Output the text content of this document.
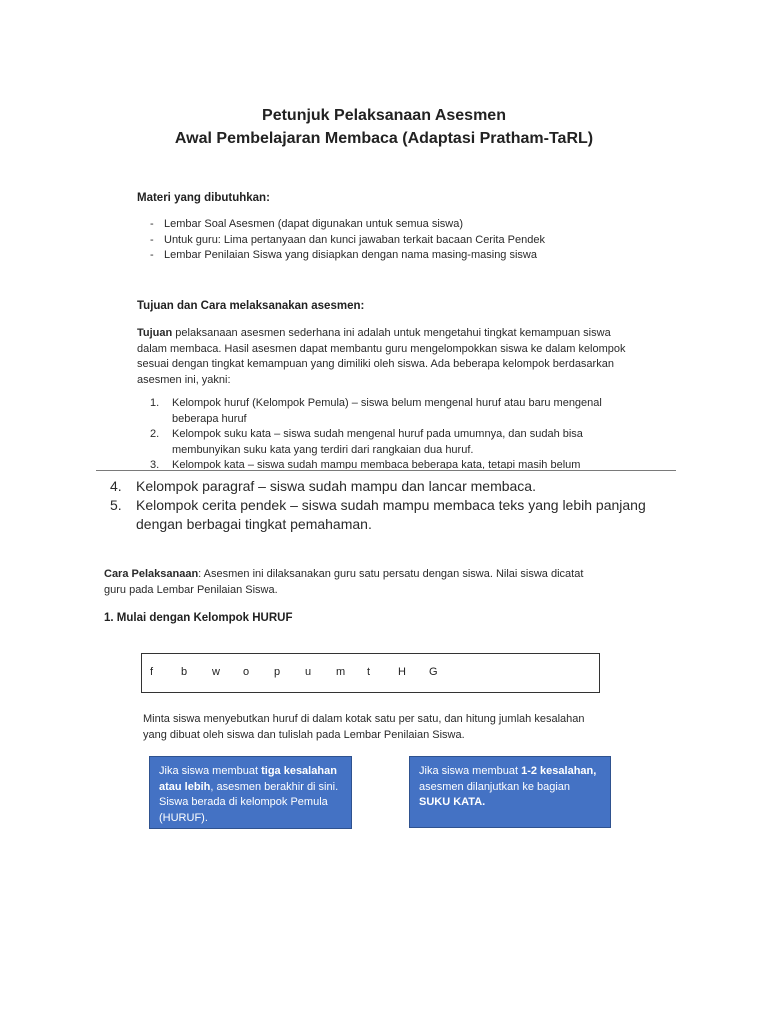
Petunjuk Pelaksanaan Asesmen
Awal Pembelajaran Membaca (Adaptasi Pratham-TaRL)
Materi yang dibutuhkan:
- Lembar Soal Asesmen (dapat digunakan untuk semua siswa)
- Untuk guru: Lima pertanyaan dan kunci jawaban terkait bacaan Cerita Pendek
- Lembar Penilaian Siswa yang disiapkan dengan nama masing-masing siswa
Tujuan dan Cara melaksanakan asesmen:
Tujuan pelaksanaan asesmen sederhana ini adalah untuk mengetahui tingkat kemampuan siswa dalam membaca. Hasil asesmen dapat membantu guru mengelompokkan siswa ke dalam kelompok sesuai dengan tingkat kemampuan yang dimiliki oleh siswa. Ada beberapa kelompok berdasarkan asesmen ini, yakni:
1. Kelompok huruf (Kelompok Pemula) – siswa belum mengenal huruf atau baru mengenal beberapa huruf
2. Kelompok suku kata – siswa sudah mengenal huruf pada umumnya, dan sudah bisa membunyikan suku kata yang terdiri dari rangkaian dua huruf.
3. Kelompok kata – siswa sudah mampu membaca beberapa kata, tetapi masih belum
4. Kelompok paragraf – siswa sudah mampu dan lancar membaca.
5. Kelompok cerita pendek – siswa sudah mampu membaca teks yang lebih panjang dengan berbagai tingkat pemahaman.
Cara Pelaksanaan: Asesmen ini dilaksanakan guru satu persatu dengan siswa. Nilai siswa dicatat guru pada Lembar Penilaian Siswa.
1. Mulai dengan Kelompok HURUF
f	b w o p u m t	H G
Minta siswa menyebutkan huruf di dalam kotak satu per satu, dan hitung jumlah kesalahan yang dibuat oleh siswa dan tulislah pada Lembar Penilaian Siswa.
Jika siswa membuat tiga kesalahan atau lebih, asesmen berakhir di sini. Siswa berada di kelompok Pemula (HURUF).
Jika siswa membuat 1-2 kesalahan, asesmen dilanjutkan ke bagian SUKU KATA.
